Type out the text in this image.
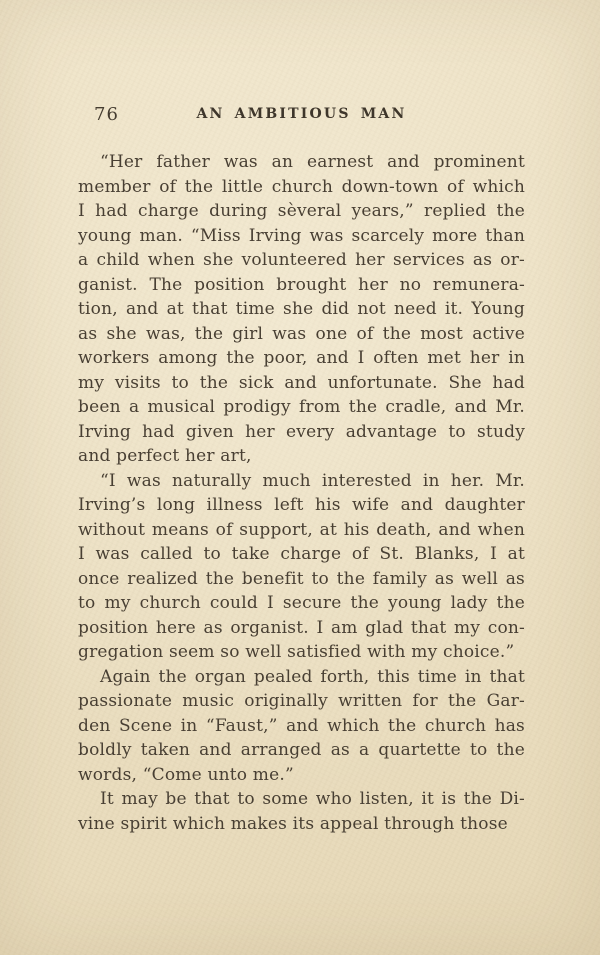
76	AN AMBITIOUS MAN
“Her father was an earnest and prominent
member of the little church down-town of which
I had charge during sèveral years,” replied the
young man. “Miss Irving was scarcely more than
a child when she volunteered her services as or-
ganist. The position brought her no remunera-
tion, and at that time she did not need it. Young
as she was, the girl was one of the most active
workers among the poor, and I often met her in
my visits to the sick and unfortunate. She had
been a musical prodigy from the cradle, and Mr.
Irving had given her every advantage to study
and perfect her art,
“I was naturally much interested in her. Mr.
Irving’s long illness left his wife and daughter
without means of support, at his death, and when
I was called to take charge of St. Blanks, I at
once realized the benefit to the family as well as
to my church could I secure the young lady the
position here as organist. I am glad that my con-
gregation seem so well satisfied with my choice.”
Again the organ pealed forth, this time in that
passionate music originally written for the Gar-
den Scene in “Faust,” and which the church has
boldly taken and arranged as a quartette to the
words, “Come unto me.”
It may be that to some who listen, it is the Di-
vine spirit which makes its appeal through those
